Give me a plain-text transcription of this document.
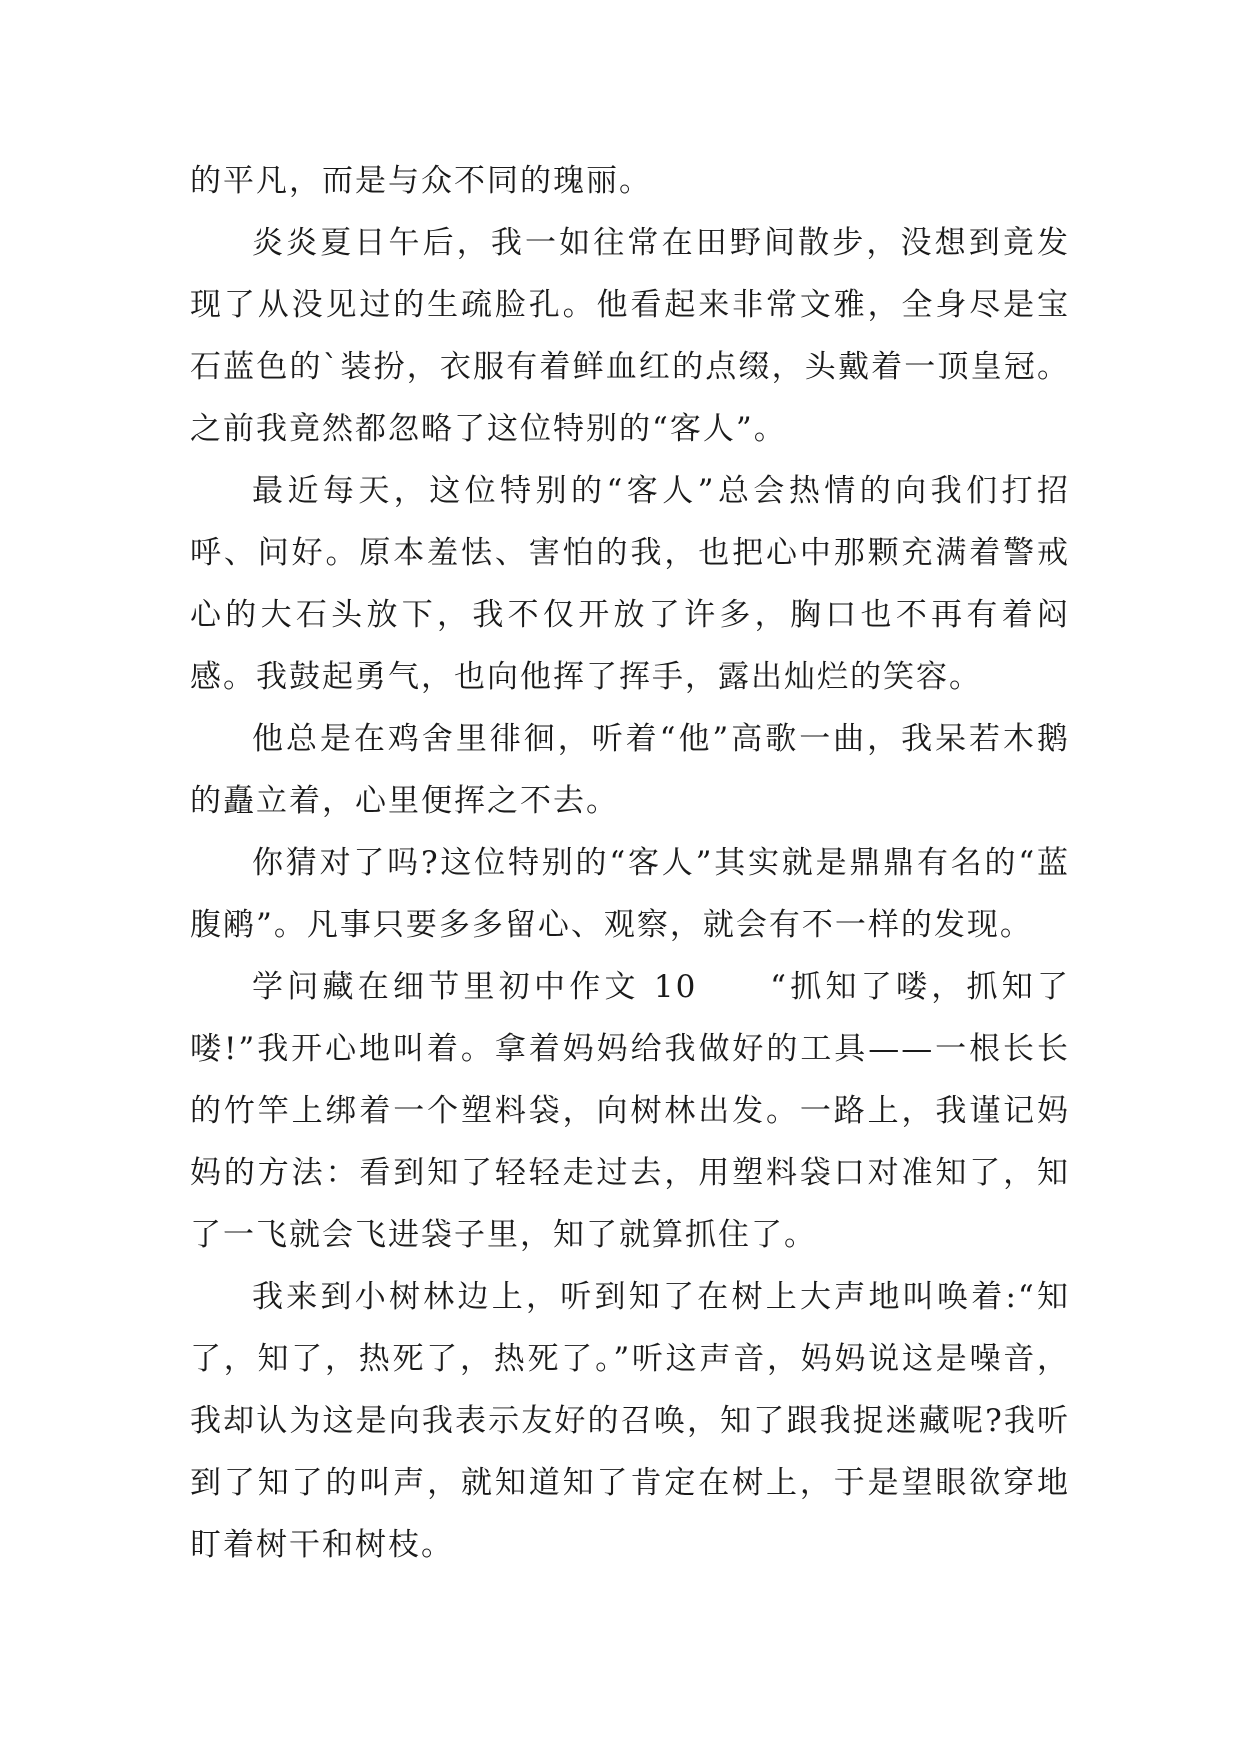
的平凡，而是与众不同的瑰丽。

炎炎夏日午后，我一如往常在田野间散步，没想到竟发现了从没见过的生疏脸孔。他看起来非常文雅，全身尽是宝石蓝色的`装扮，衣服有着鲜血红的点缀，头戴着一顶皇冠。之前我竟然都忽略了这位特别的“客人”。

最近每天，这位特别的“客人”总会热情的向我们打招呼、问好。原本羞怯、害怕的我，也把心中那颗充满着警戒心的大石头放下，我不仅开放了许多，胸口也不再有着闷感。我鼓起勇气，也向他挥了挥手，露出灿烂的笑容。

他总是在鸡舍里徘徊，听着“他”高歌一曲，我呆若木鹅的矗立着，心里便挥之不去。

你猜对了吗?这位特别的“客人”其实就是鼎鼎有名的“蓝腹鹇”。凡事只要多多留心、观察，就会有不一样的发现。

学问藏在细节里初中作文 10　　“抓知了喽，抓知了喽!”我开心地叫着。拿着妈妈给我做好的工具——一根长长的竹竿上绑着一个塑料袋，向树林出发。一路上，我谨记妈妈的方法：看到知了轻轻走过去，用塑料袋口对准知了，知了一飞就会飞进袋子里，知了就算抓住了。

我来到小树林边上，听到知了在树上大声地叫唤着:“知了，知了，热死了，热死了。”听这声音，妈妈说这是噪音，我却认为这是向我表示友好的召唤，知了跟我捉迷藏呢?我听到了知了的叫声，就知道知了肯定在树上，于是望眼欲穿地盯着树干和树枝。
